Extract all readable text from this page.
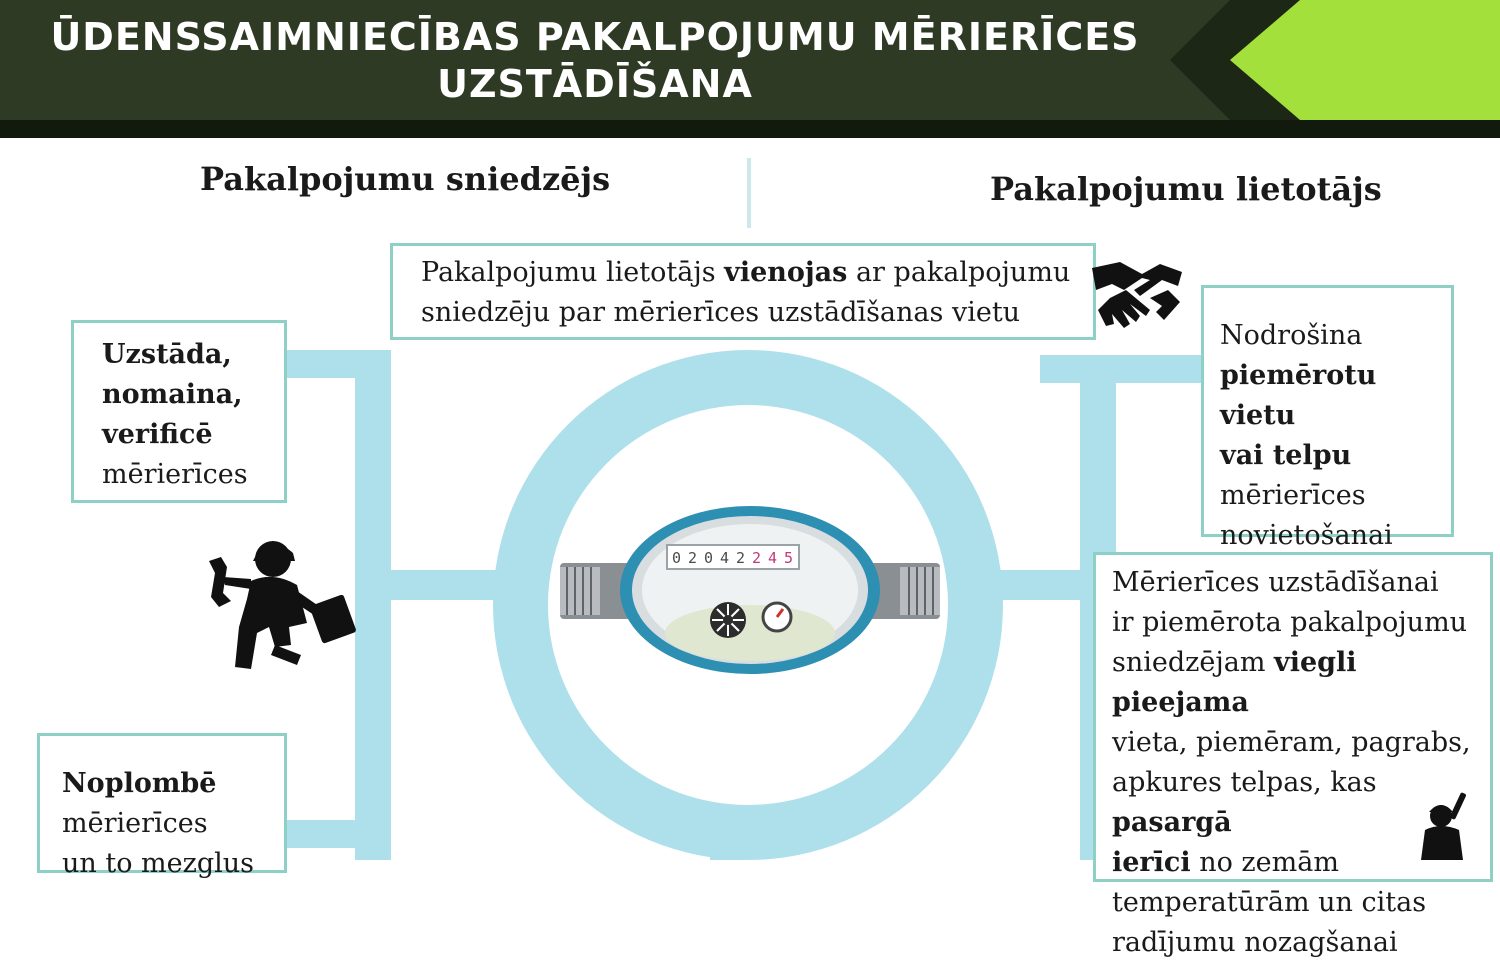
ŪDENSSAIMNIECĪBAS PAKALPOJUMU MĒRIERĪCES
UZSTĀDĪŠANA
Pakalpojumu sniedzējs	Pakalpojumu lietotājs
0 2 0 4 2 2 4 5
Pakalpojumu lietotājs vienojas ar pakalpojumu
sniedzēju par mērierīces uzstādīšanas vietu
Uzstāda,
nomaina,
verificē
mērierīces
Noplombē
mērierīces
un to mezglus
Nodrošina
piemērotu vietu
vai telpu
mērierīces
novietošanai
Mērierīces uzstādīšanai
ir piemērota pakalpojumu
sniedzējam viegli pieejama
vieta, piemēram, pagrabs,
apkures telpas, kas pasargā
ierīci no zemām
temperatūrām un citas
radījumu nozagšanai
